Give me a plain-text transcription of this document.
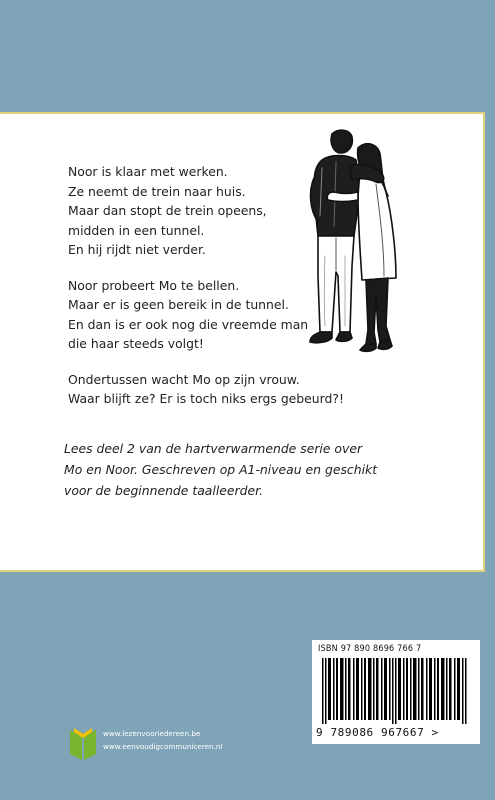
Noor is klaar met werken.
Ze neemt de trein naar huis.
Maar dan stopt de trein opeens,
midden in een tunnel.
En hij rijdt niet verder.

Noor probeert Mo te bellen.
Maar er is geen bereik in de tunnel.
En dan is er ook nog die vreemde man
die haar steeds volgt!

Ondertussen wacht Mo op zijn vrouw.
Waar blijft ze? Er is toch niks ergs gebeurd?!

Lees deel 2 van de hartverwarmende serie over
Mo en Noor. Geschreven op A1-niveau en geschikt
voor de beginnende taalleerder.
ISBN 97 890 8696 766 7
9 789086 967667 >
www.lezenvooriedereen.be
www.eenvoudigcommuniceren.nl
